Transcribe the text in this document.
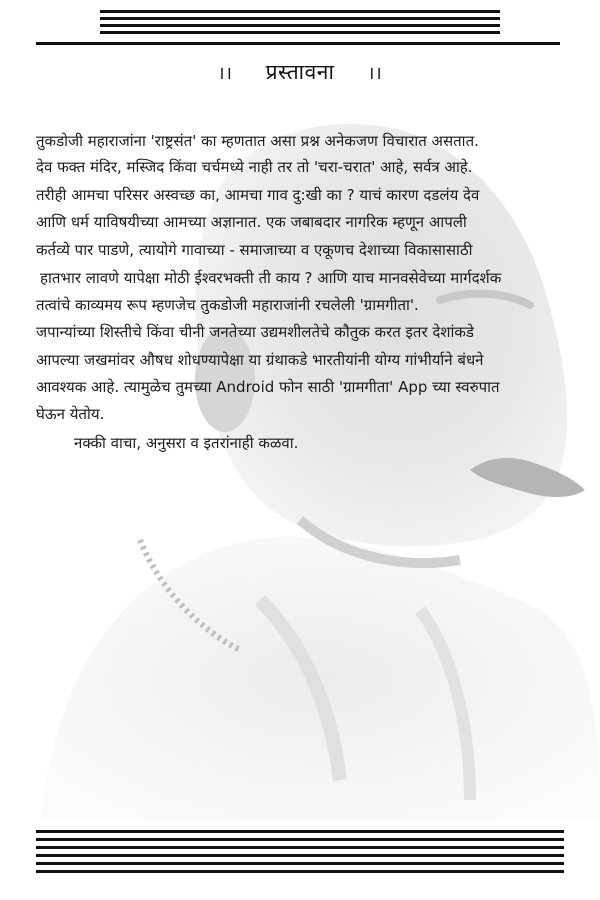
।। प्रस्तावना ।।
तुकडोजी महाराजांना 'राष्ट्रसंत' का म्हणतात असा प्रश्न अनेकजण विचारात असतात.
देव फक्त मंदिर, मस्जिद किंवा चर्चमध्ये नाही तर तो 'चरा-चरात' आहे, सर्वत्र आहे.
तरीही आमचा परिसर अस्वच्छ का, आमचा गाव दु:खी का ? याचं कारण दडलंय देव
आणि धर्म याविषयीच्या आमच्या अज्ञानात. एक जबाबदार नागरिक म्हणून आपली
कर्तव्ये पार पाडणे, त्यायोगे गावाच्या - समाजाच्या व एकूणच देशाच्या विकासासाठी
हातभार लावणे यापेक्षा मोठी ईश्वरभक्ती ती काय ? आणि याच मानवसेवेच्या मार्गदर्शक
तत्वांचे काव्यमय रूप म्हणजेच तुकडोजी महाराजांनी रचलेली 'ग्रामगीता'.
जपान्यांच्या शिस्तीचे किंवा चीनी जनतेच्या उद्यमशीलतेचे कौतुक करत इतर देशांकडे
आपल्या जखमांवर औषध शोधण्यापेक्षा या ग्रंथाकडे भारतीयांनी योग्य गांभीर्याने बंधने
आवश्यक आहे. त्यामुळेच तुमच्या Android फोन साठी 'ग्रामगीता' App च्या स्वरुपात
घेऊन येतोय.
नक्की वाचा, अनुसरा व इतरांनाही कळवा.
